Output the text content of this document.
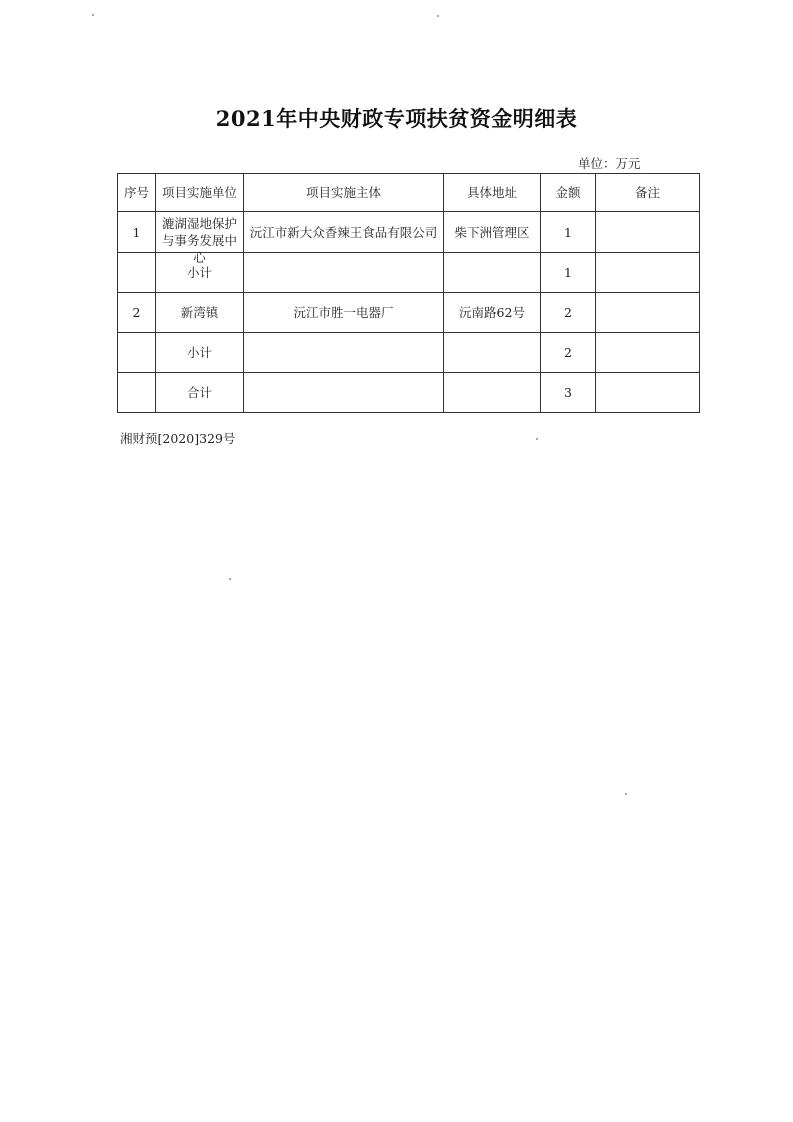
2021年中央财政专项扶贫资金明细表
单位：万元
序号	项目实施单位	项目实施主体	具体地址	金额	备注
1	漉湖湿地保护与事务发展中心	沅江市新大众香辣王食品有限公司	柴下洲管理区	1	
	小计			1	
2	新湾镇	沅江市胜一电器厂	沅南路62号	2	
	小计			2	
	合计			3	
湘财预[2020]329号
